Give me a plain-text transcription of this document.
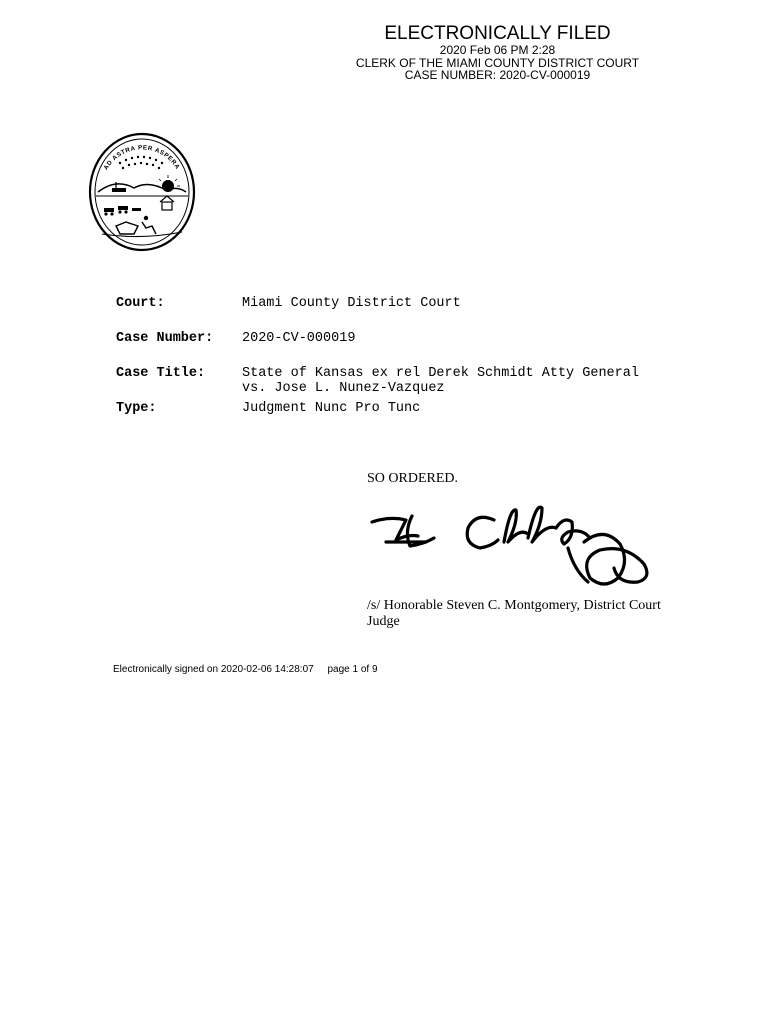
ELECTRONICALLY FILED
2020 Feb 06 PM 2:28
CLERK OF THE MIAMI COUNTY DISTRICT COURT
CASE NUMBER: 2020-CV-000019
AD ASTRA PER ASPERA
Court:	Miami County District Court
Case Number:	2020-CV-000019
Case Title:	State of Kansas ex rel Derek Schmidt Atty General
vs. Jose L. Nunez-Vazquez
Type:	Judgment Nunc Pro Tunc
SO ORDERED.
/s/ Honorable Steven C. Montgomery, District Court Judge
Electronically signed on 2020-02-06 14:28:07 page 1 of 9
